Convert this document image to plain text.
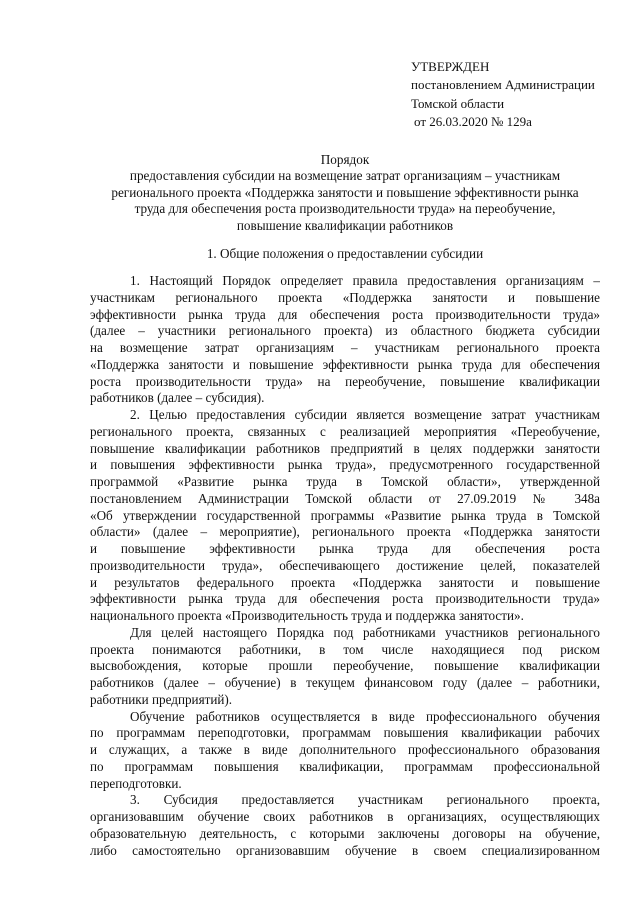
УТВЕРЖДЕН
постановлением Администрации
Томской области
от 26.03.2020 № 129а
Порядок
предоставления субсидии на возмещение затрат организациям – участникам
регионального проекта «Поддержка занятости и повышение эффективности рынка
труда для обеспечения роста производительности труда» на переобучение,
повышение квалификации работников
1. Общие положения о предоставлении субсидии
1. Настоящий Порядок определяет правила предоставления организациям –
участникам регионального проекта «Поддержка занятости и повышение
эффективности рынка труда для обеспечения роста производительности труда»
(далее – участники регионального проекта) из областного бюджета субсидии
на возмещение затрат организациям – участникам регионального проекта
«Поддержка занятости и повышение эффективности рынка труда для обеспечения
роста производительности труда» на переобучение, повышение квалификации
работников (далее – субсидия).
2. Целью предоставления субсидии является возмещение затрат участникам
регионального проекта, связанных с реализацией мероприятия «Переобучение,
повышение квалификации работников предприятий в целях поддержки занятости
и повышения эффективности рынка труда», предусмотренного государственной
программой «Развитие рынка труда в Томской области», утвержденной
постановлением Администрации Томской области от 27.09.2019 № 348а
«Об утверждении государственной программы «Развитие рынка труда в Томской
области» (далее – мероприятие), регионального проекта «Поддержка занятости
и повышение эффективности рынка труда для обеспечения роста
производительности труда», обеспечивающего достижение целей, показателей
и результатов федерального проекта «Поддержка занятости и повышение
эффективности рынка труда для обеспечения роста производительности труда»
национального проекта «Производительность труда и поддержка занятости».
Для целей настоящего Порядка под работниками участников регионального
проекта понимаются работники, в том числе находящиеся под риском
высвобождения, которые прошли переобучение, повышение квалификации
работников (далее – обучение) в текущем финансовом году (далее – работники,
работники предприятий).
Обучение работников осуществляется в виде профессионального обучения
по программам переподготовки, программам повышения квалификации рабочих
и служащих, а также в виде дополнительного профессионального образования
по программам повышения квалификации, программам профессиональной
переподготовки.
3. Субсидия предоставляется участникам регионального проекта,
организовавшим обучение своих работников в организациях, осуществляющих
образовательную деятельность, с которыми заключены договоры на обучение,
либо самостоятельно организовавшим обучение в своем специализированном
